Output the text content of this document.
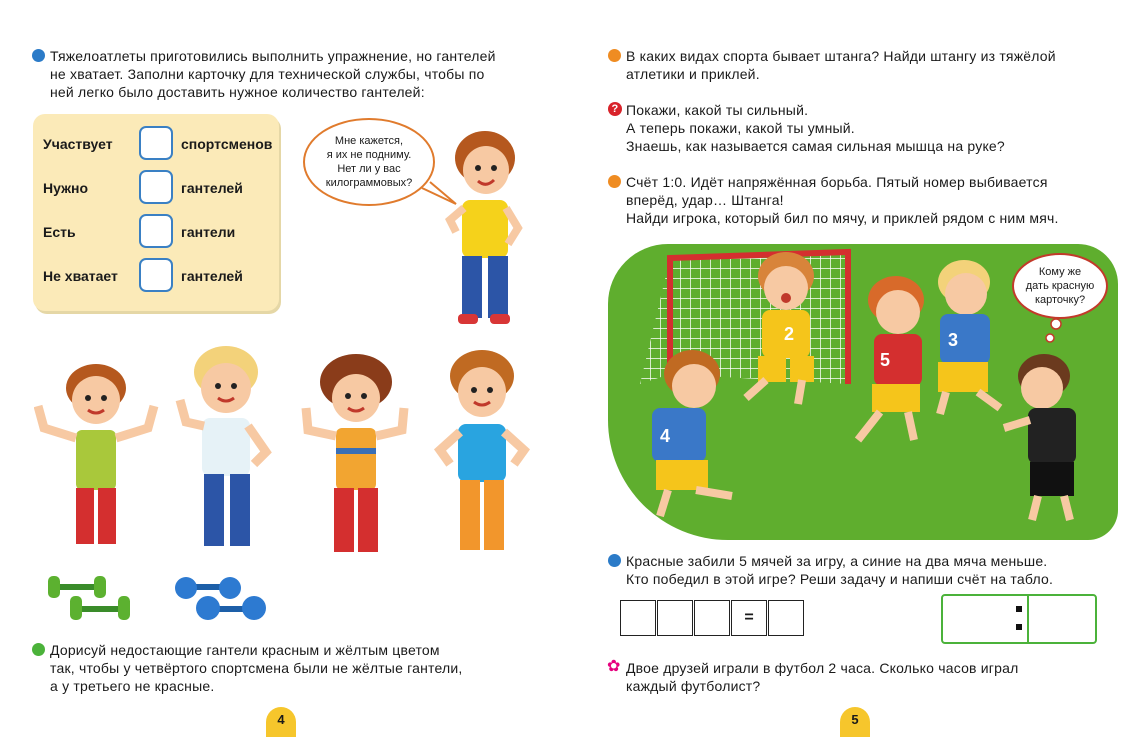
Тяжелоатлеты приготовились выполнить упражнение, но гантелей

не хватает. Заполни карточку для технической службы, чтобы по

ней легко было доставить нужное количество гантелей:

Участвует	спортсменов
Нужно	гантелей
Есть	гантели
Не хватает	гантелей
Мне кажется,
я их не подниму.
Нет ли у вас
килограммовых?

Дорисуй недостающие гантели красным и жёлтым цветом

так, чтобы у четвёртого спортсмена были не жёлтые гантели,

а у третьего не красные.

4

В каких видах спорта бывает штанга? Найди штангу из тяжёлой

атлетики и приклей.

? Покажи, какой ты сильный.

А теперь покажи, какой ты умный.

Знаешь, как называется самая сильная мышца на руке?

Счёт 1:0. Идёт напряжённая борьба. Пятый номер выбивается

вперёд, удар… Штанга!

Найди игрока, который бил по мячу, и приклей рядом с ним мяч.

Кому же
дать красную
карточку?
2
5
3
4

Красные забили 5 мячей за игру, а синие на два мяча меньше.

Кто победил в этой игре? Реши задачу и напиши счёт на табло.

=
✿ Двое друзей играли в футбол 2 часа. Сколько часов играл

каждый футболист?

5
